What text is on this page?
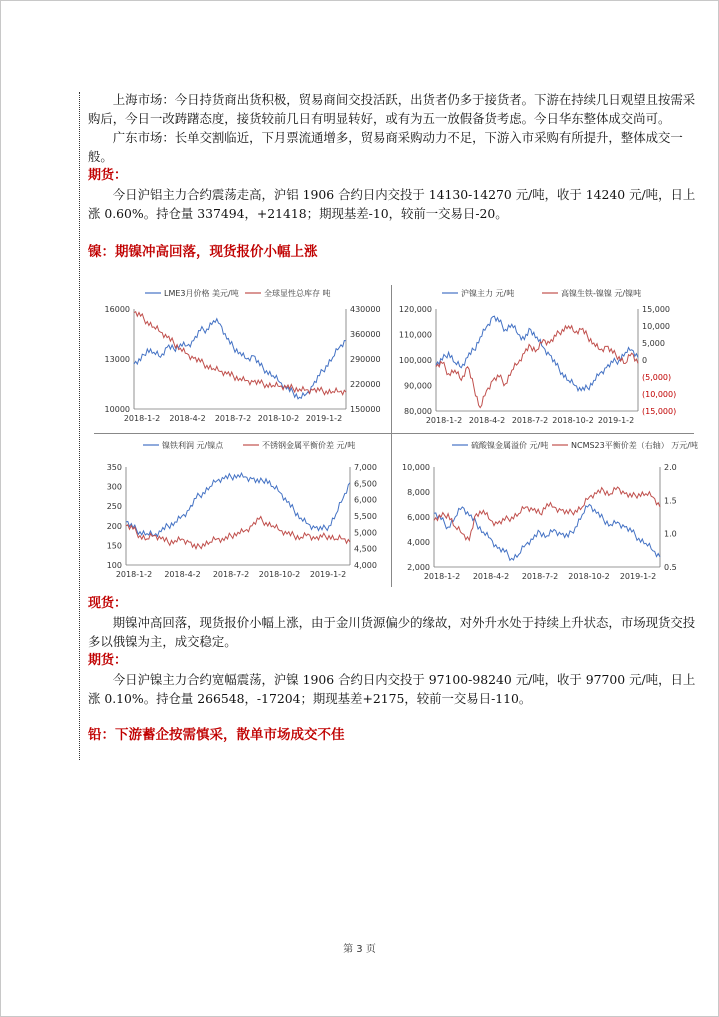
上海市场：今日持货商出货积极，贸易商间交投活跃，出货者仍多于接货者。下游在持续几日观望且按需采购后，今日一改踌躇态度，接货较前几日有明显转好，或有为五一放假备货考虑。今日华东整体成交尚可。

广东市场：长单交割临近，下月票流通增多，贸易商采购动力不足，下游入市采购有所提升，整体成交一般。

期货：

今日沪铝主力合约震荡走高，沪铝 1906 合约日内交投于 14130-14270 元/吨，收于 14240 元/吨，日上涨 0.60%。持仓量 337494，+21418；期现基差-10，较前一交易日-20。

镍：期镍冲高回落，现货报价小幅上涨

LME3月价格 美元/吨	全球显性总库存 吨
16000
13000
10000
430000
360000
290000
220000
150000
2018-1-2 2018-4-2 2018-7-2 2018-10-2 2019-1-2
沪镍主力 元/吨	高镍生铁-镍镍 元/镍吨
120,000
110,000
100,000
90,000
80,000
15,000
10,000
5,000
0
(5,000)
(10,000)
(15,000)
2018-1-2 2018-4-2 2018-7-2 2018-10-2 2019-1-2
镍铁利润 元/镍点	不锈钢金属平衡价差 元/吨
350
300
250
200
150
100
7,000
6,500
6,000
5,500
5,000
4,500
4,000
2018-1-2 2018-4-2 2018-7-2 2018-10-2 2019-1-2
硫酸镍金属溢价 元/吨	NCMS23平衡价差（右轴） 万元/吨
10,000
8,000
6,000
4,000
2,000
2.0
1.5
1.0
0.5
2018-1-2 2018-4-2 2018-7-2 2018-10-2 2019-1-2

现货：

期镍冲高回落，现货报价小幅上涨，由于金川货源偏少的缘故，对外升水处于持续上升状态，市场现货交投多以俄镍为主，成交稳定。

期货：

今日沪镍主力合约宽幅震荡，沪镍 1906 合约日内交投于 97100-98240 元/吨，收于 97700 元/吨，日上涨 0.10%。持仓量 266548，-17204；期现基差+2175，较前一交易日-110。

铅：下游蓄企按需慎采，散单市场成交不佳

第 3 页
